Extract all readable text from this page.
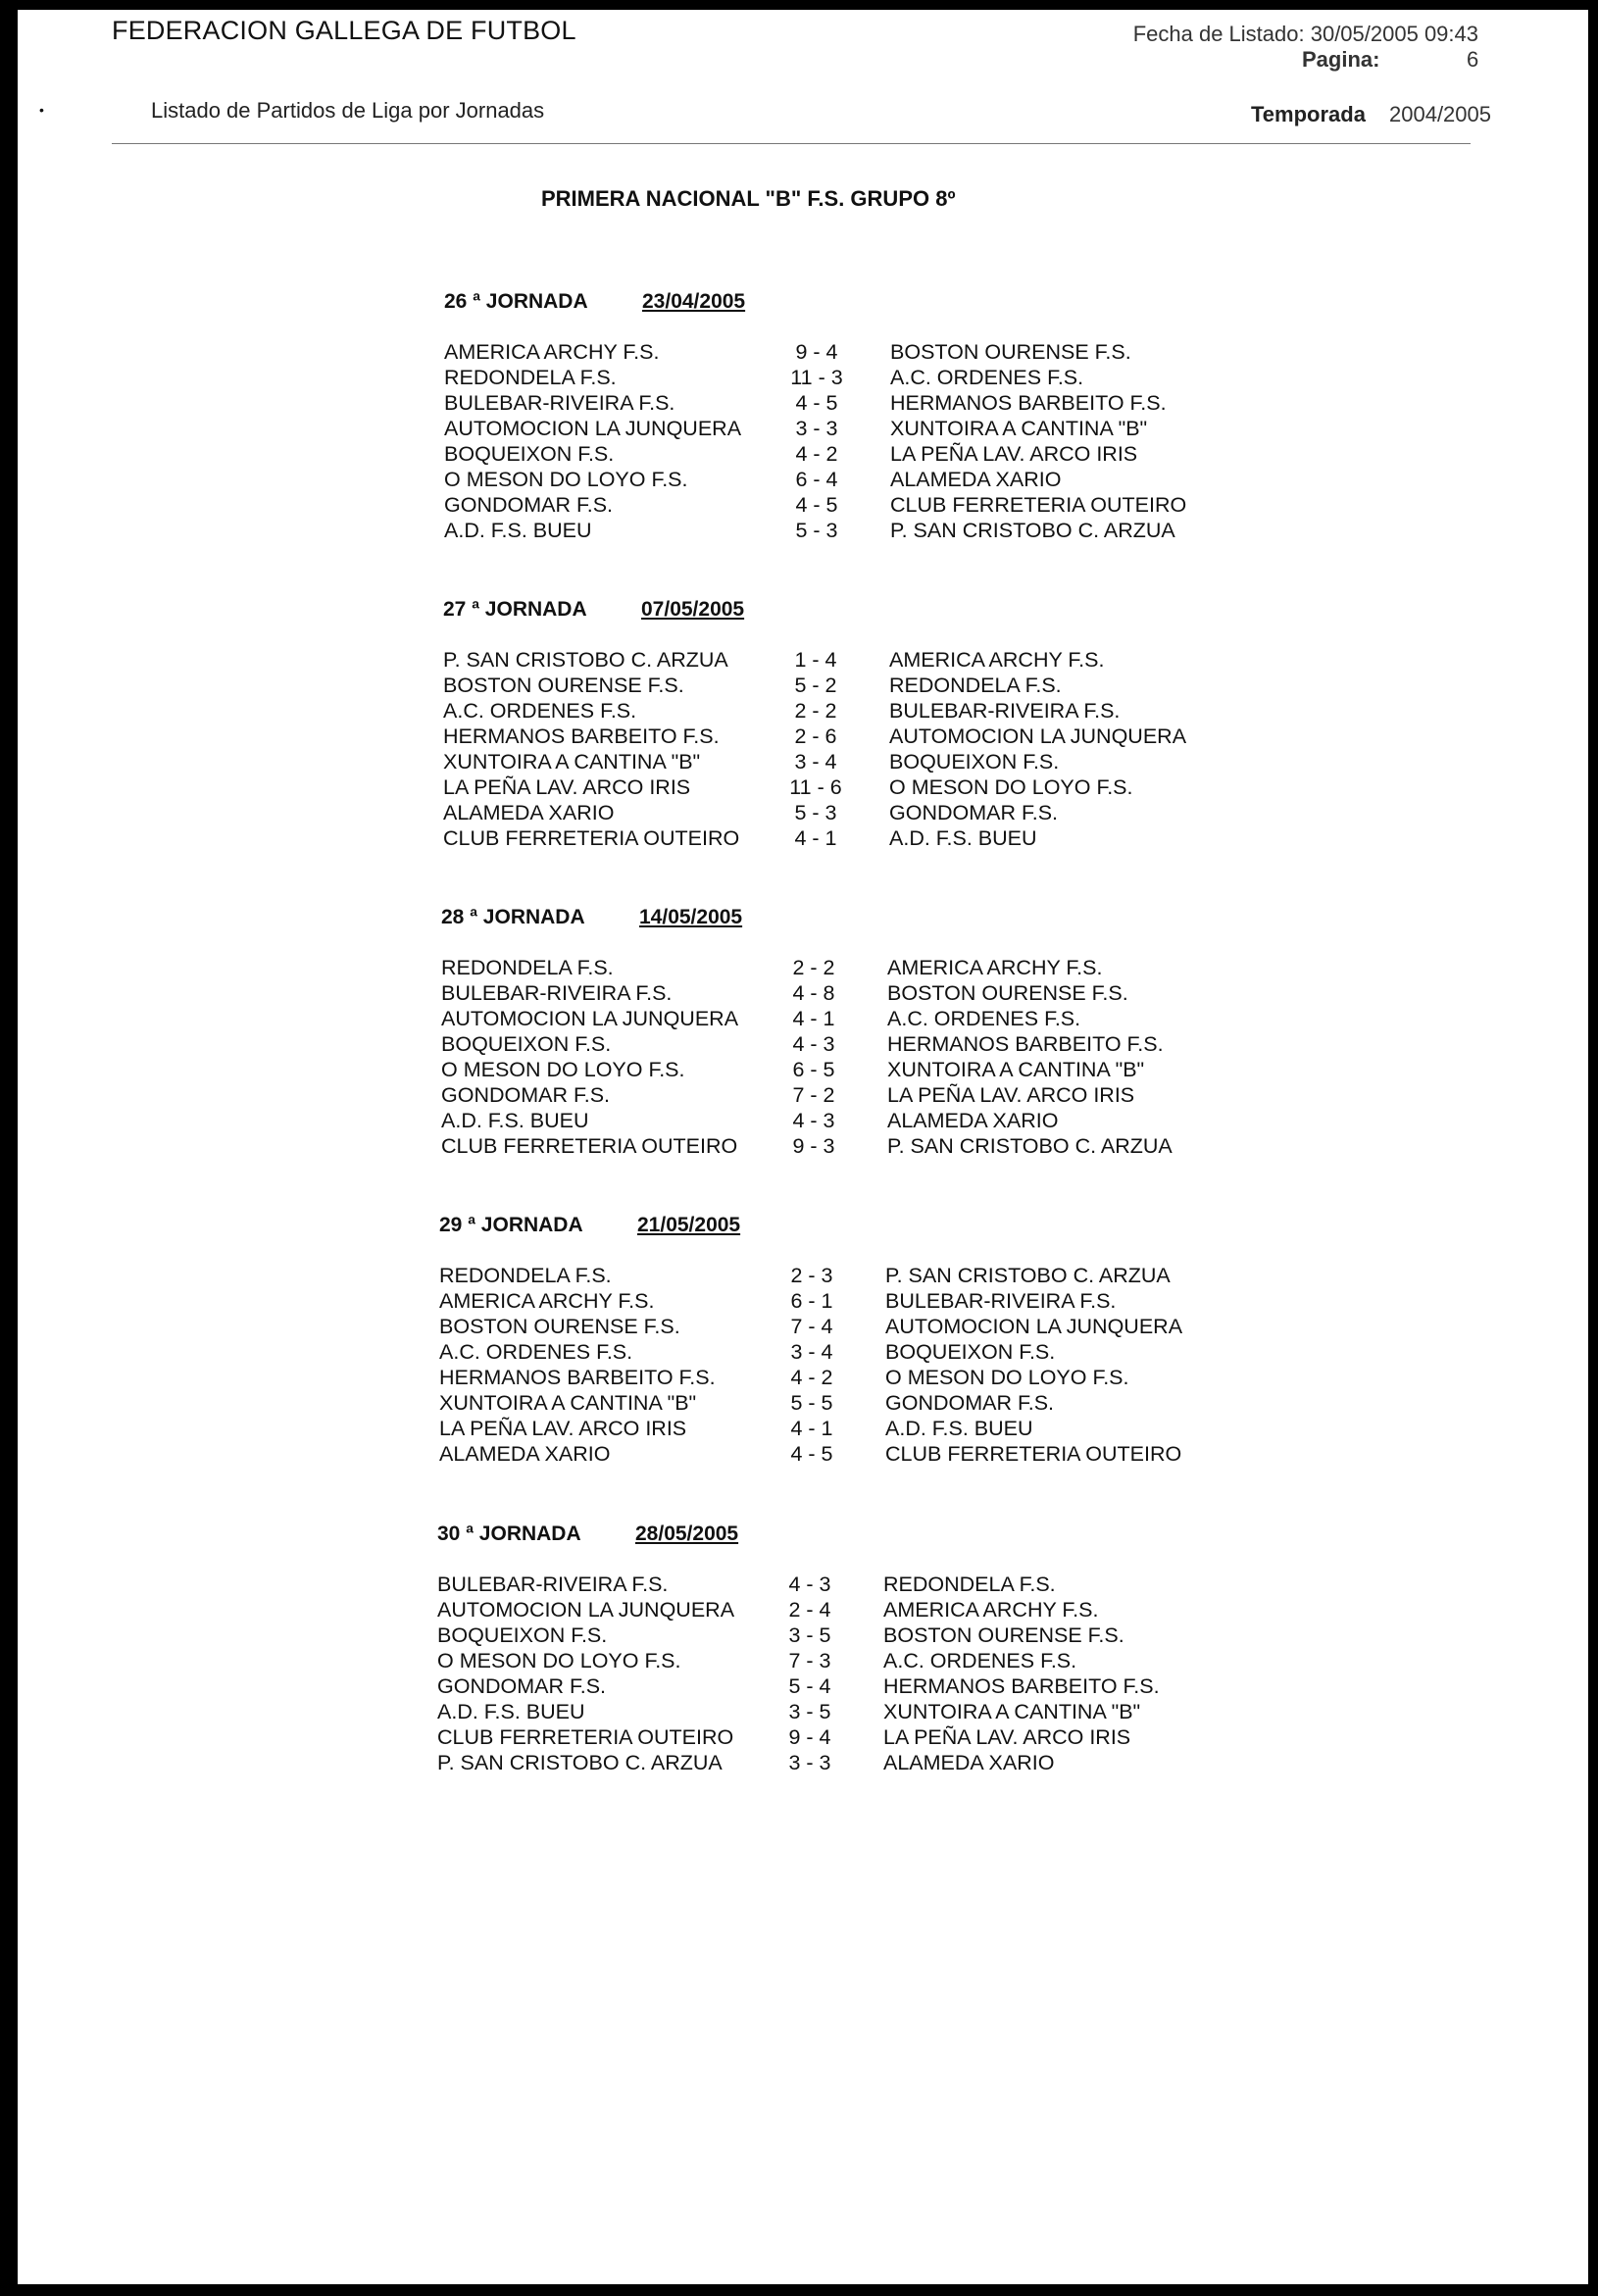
FEDERACION GALLEGA DE FUTBOL	Fecha de Listado: 30/05/2005 09:43
Pagina:	6
•	Listado de Partidos de Liga por Jornadas	Temporada 2004/2005
PRIMERA NACIONAL "B" F.S. GRUPO 8º
26 ª JORNADA	23/04/2005
AMERICA ARCHY F.S.	9 - 4	BOSTON OURENSE F.S.
REDONDELA F.S.	11 - 3 A.C. ORDENES F.S.
BULEBAR-RIVEIRA F.S.	4 - 5	HERMANOS BARBEITO F.S.
AUTOMOCION LA JUNQUERA	3 - 3	XUNTOIRA A CANTINA "B"
BOQUEIXON F.S.	4 - 2	LA PEÑA LAV. ARCO IRIS
O MESON DO LOYO F.S.	6 - 4	ALAMEDA XARIO
GONDOMAR F.S.	4 - 5	CLUB FERRETERIA OUTEIRO
A.D. F.S. BUEU	5 - 3	P. SAN CRISTOBO C. ARZUA
27 ª JORNADA	07/05/2005
P. SAN CRISTOBO C. ARZUA	1 - 4	AMERICA ARCHY F.S.
BOSTON OURENSE F.S.	5 - 2	REDONDELA F.S.
A.C. ORDENES F.S.	2 - 2	BULEBAR-RIVEIRA F.S.
HERMANOS BARBEITO F.S.	2 - 6	AUTOMOCION LA JUNQUERA
XUNTOIRA A CANTINA "B"	3 - 4	BOQUEIXON F.S.
LA PEÑA LAV. ARCO IRIS	11 - 6 O MESON DO LOYO F.S.
ALAMEDA XARIO	5 - 3	GONDOMAR F.S.
CLUB FERRETERIA OUTEIRO	4 - 1	A.D. F.S. BUEU
28 ª JORNADA	14/05/2005
REDONDELA F.S.	2 - 2	AMERICA ARCHY F.S.
BULEBAR-RIVEIRA F.S.	4 - 8	BOSTON OURENSE F.S.
AUTOMOCION LA JUNQUERA	4 - 1	A.C. ORDENES F.S.
BOQUEIXON F.S.	4 - 3	HERMANOS BARBEITO F.S.
O MESON DO LOYO F.S.	6 - 5	XUNTOIRA A CANTINA "B"
GONDOMAR F.S.	7 - 2	LA PEÑA LAV. ARCO IRIS
A.D. F.S. BUEU	4 - 3	ALAMEDA XARIO
CLUB FERRETERIA OUTEIRO	9 - 3	P. SAN CRISTOBO C. ARZUA
29 ª JORNADA	21/05/2005
REDONDELA F.S.	2 - 3	P. SAN CRISTOBO C. ARZUA
AMERICA ARCHY F.S.	6 - 1	BULEBAR-RIVEIRA F.S.
BOSTON OURENSE F.S.	7 - 4	AUTOMOCION LA JUNQUERA
A.C. ORDENES F.S.	3 - 4	BOQUEIXON F.S.
HERMANOS BARBEITO F.S.	4 - 2	O MESON DO LOYO F.S.
XUNTOIRA A CANTINA "B"	5 - 5	GONDOMAR F.S.
LA PEÑA LAV. ARCO IRIS	4 - 1	A.D. F.S. BUEU
ALAMEDA XARIO	4 - 5	CLUB FERRETERIA OUTEIRO
30 ª JORNADA	28/05/2005
BULEBAR-RIVEIRA F.S.	4 - 3	REDONDELA F.S.
AUTOMOCION LA JUNQUERA	2 - 4	AMERICA ARCHY F.S.
BOQUEIXON F.S.	3 - 5	BOSTON OURENSE F.S.
O MESON DO LOYO F.S.	7 - 3	A.C. ORDENES F.S.
GONDOMAR F.S.	5 - 4	HERMANOS BARBEITO F.S.
A.D. F.S. BUEU	3 - 5	XUNTOIRA A CANTINA "B"
CLUB FERRETERIA OUTEIRO	9 - 4	LA PEÑA LAV. ARCO IRIS
P. SAN CRISTOBO C. ARZUA	3 - 3	ALAMEDA XARIO
